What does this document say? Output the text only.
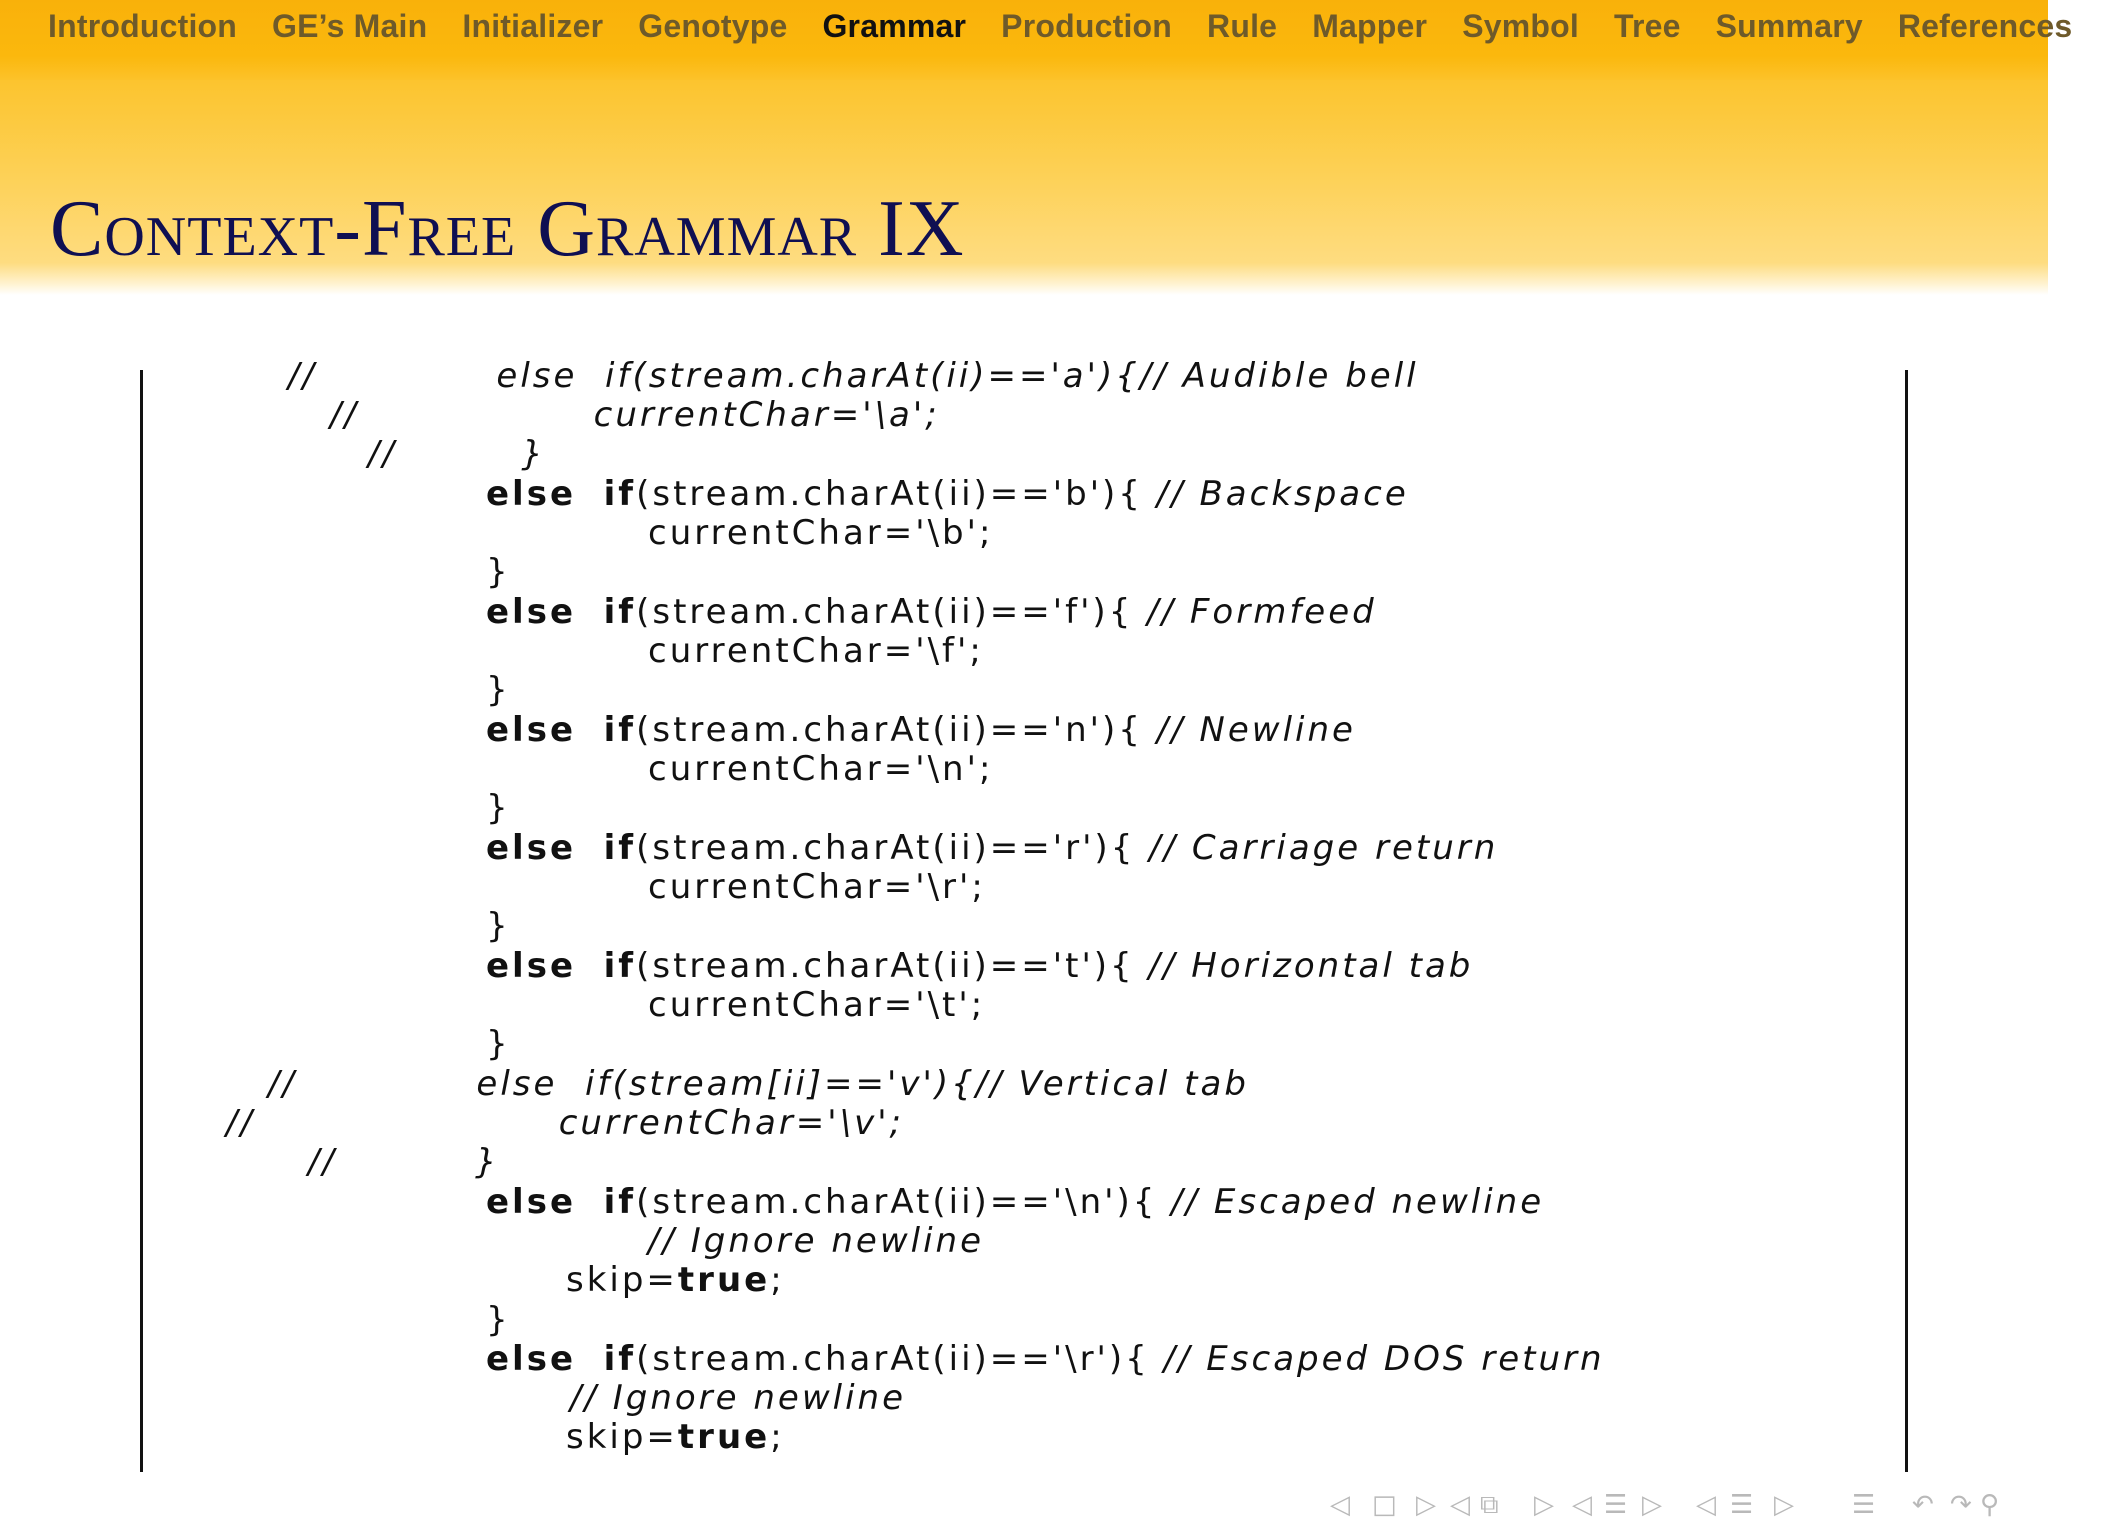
Introduction GE’s Main Initializer Genotype Grammar Production Rule Mapper Symbol Tree Summary References
Context-Free Grammar IX
//	else  if(stream.charAt(ii)=='a'){// Audible bell
//	currentChar='\a';
//	}
else if(stream.charAt(ii)=='b'){ // Backspace
currentChar='\b';
}
else if(stream.charAt(ii)=='f'){ // Formfeed
currentChar='\f';
}
else if(stream.charAt(ii)=='n'){ // Newline
currentChar='\n';
}
else if(stream.charAt(ii)=='r'){ // Carriage return
currentChar='\r';
}
else if(stream.charAt(ii)=='t'){ // Horizontal tab
currentChar='\t';
}
//	else  if(stream[ii]=='v'){// Vertical tab
//	currentChar='\v';
//	}
else if(stream.charAt(ii)=='\n'){ // Escaped newline
// Ignore newline
skip=true;
}
else if(stream.charAt(ii)=='\r'){ // Escaped DOS return
// Ignore newline
skip=true;
◁ □ ▷ ◁ ⧉ ▷ ◁ ☰ ▷ ◁ ☰ ▷ ☰ ↶ ↷ ⚲
